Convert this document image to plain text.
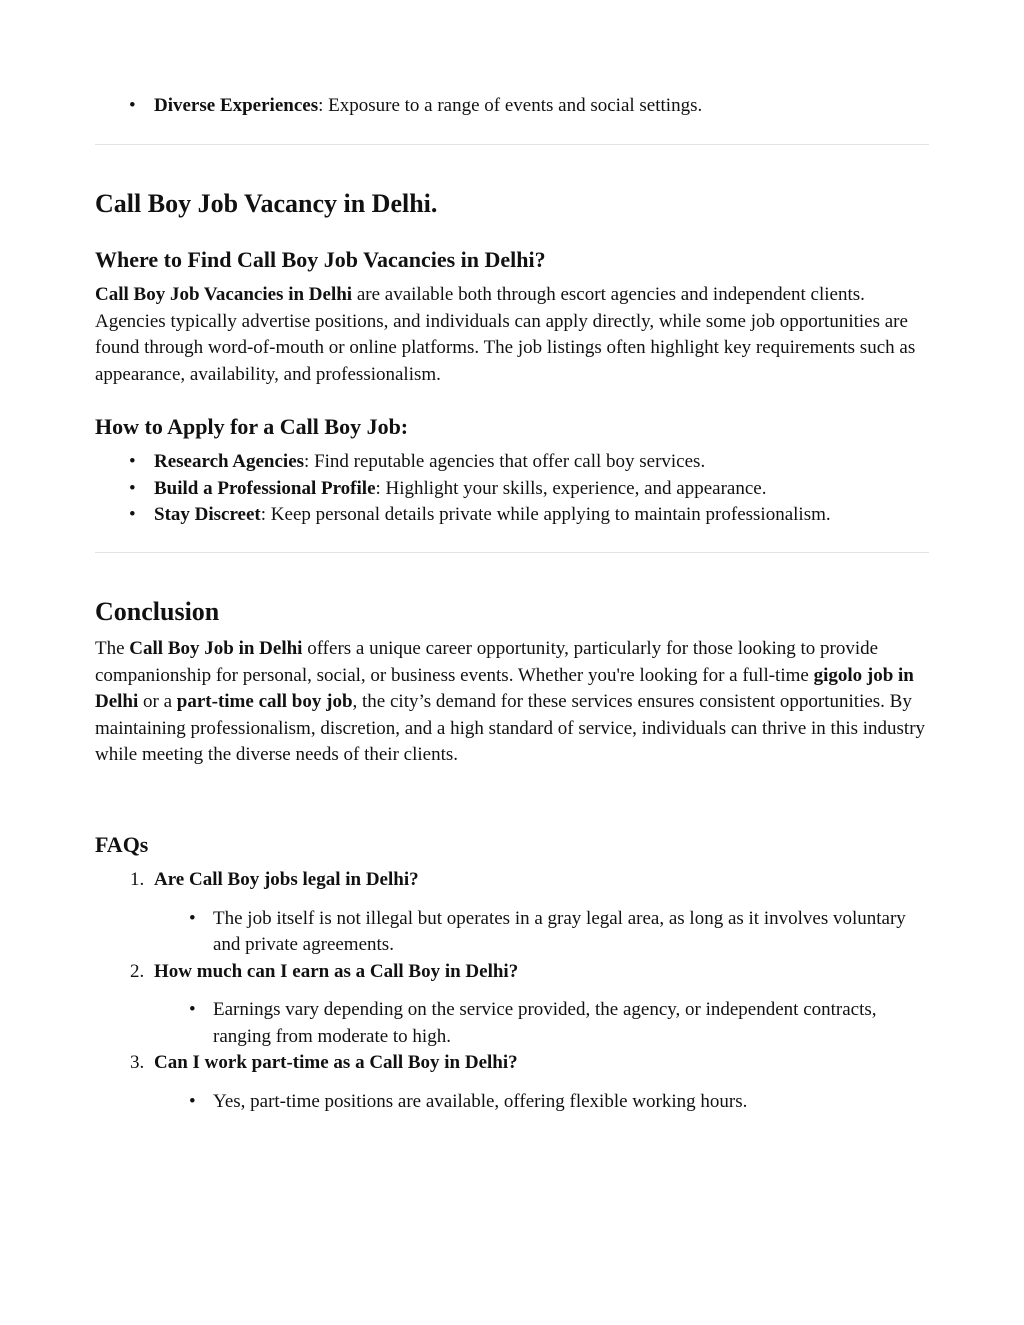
• Diverse Experiences: Exposure to a range of events and social settings.
Call Boy Job Vacancy in Delhi.
Where to Find Call Boy Job Vacancies in Delhi?

Call Boy Job Vacancies in Delhi are available both through escort agencies and independent clients. Agencies typically advertise positions, and individuals can apply directly, while some job opportunities are found through word-of-mouth or online platforms. The job listings often highlight key requirements such as appearance, availability, and professionalism.

How to Apply for a Call Boy Job:
• Research Agencies: Find reputable agencies that offer call boy services.
• Build a Professional Profile: Highlight your skills, experience, and appearance.
• Stay Discreet: Keep personal details private while applying to maintain professionalism.
Conclusion

The Call Boy Job in Delhi offers a unique career opportunity, particularly for those looking to provide companionship for personal, social, or business events. Whether you're looking for a full-time gigolo job in Delhi or a part-time call boy job, the city’s demand for these services ensures consistent opportunities. By maintaining professionalism, discretion, and a high standard of service, individuals can thrive in this industry while meeting the diverse needs of their clients.

FAQs
1. Are Call Boy jobs legal in Delhi?
• The job itself is not illegal but operates in a gray legal area, as long as it involves voluntary and private agreements.
2. How much can I earn as a Call Boy in Delhi?
• Earnings vary depending on the service provided, the agency, or independent contracts, ranging from moderate to high.
3. Can I work part-time as a Call Boy in Delhi?
• Yes, part-time positions are available, offering flexible working hours.
